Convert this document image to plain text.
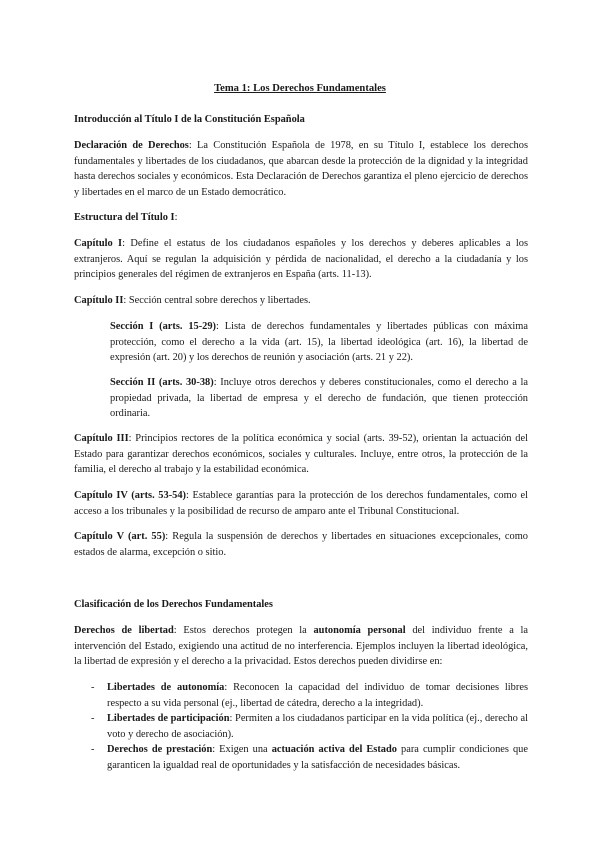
Tema 1: Los Derechos Fundamentales
Introducción al Título I de la Constitución Española
Declaración de Derechos: La Constitución Española de 1978, en su Título I, establece los derechos fundamentales y libertades de los ciudadanos, que abarcan desde la protección de la dignidad y la integridad hasta derechos sociales y económicos. Esta Declaración de Derechos garantiza el pleno ejercicio de derechos y libertades en el marco de un Estado democrático.
Estructura del Título I:
Capítulo I: Define el estatus de los ciudadanos españoles y los derechos y deberes aplicables a los extranjeros. Aquí se regulan la adquisición y pérdida de nacionalidad, el derecho a la ciudadanía y los principios generales del régimen de extranjeros en España (arts. 11-13).
Capítulo II: Sección central sobre derechos y libertades.
Sección I (arts. 15-29): Lista de derechos fundamentales y libertades públicas con máxima protección, como el derecho a la vida (art. 15), la libertad ideológica (art. 16), la libertad de expresión (art. 20) y los derechos de reunión y asociación (arts. 21 y 22).
Sección II (arts. 30-38): Incluye otros derechos y deberes constitucionales, como el derecho a la propiedad privada, la libertad de empresa y el derecho de fundación, que tienen protección ordinaria.
Capítulo III: Principios rectores de la política económica y social (arts. 39-52), orientan la actuación del Estado para garantizar derechos económicos, sociales y culturales. Incluye, entre otros, la protección de la familia, el derecho al trabajo y la estabilidad económica.
Capítulo IV (arts. 53-54): Establece garantías para la protección de los derechos fundamentales, como el acceso a los tribunales y la posibilidad de recurso de amparo ante el Tribunal Constitucional.
Capítulo V (art. 55): Regula la suspensión de derechos y libertades en situaciones excepcionales, como estados de alarma, excepción o sitio.
Clasificación de los Derechos Fundamentales
Derechos de libertad: Estos derechos protegen la autonomía personal del individuo frente a la intervención del Estado, exigiendo una actitud de no interferencia. Ejemplos incluyen la libertad ideológica, la libertad de expresión y el derecho a la privacidad. Estos derechos pueden dividirse en:
- Libertades de autonomía: Reconocen la capacidad del individuo de tomar decisiones libres respecto a su vida personal (ej., libertad de cátedra, derecho a la integridad).
- Libertades de participación: Permiten a los ciudadanos participar en la vida política (ej., derecho al voto y derecho de asociación).
- Derechos de prestación: Exigen una actuación activa del Estado para cumplir condiciones que garanticen la igualdad real de oportunidades y la satisfacción de necesidades básicas.
